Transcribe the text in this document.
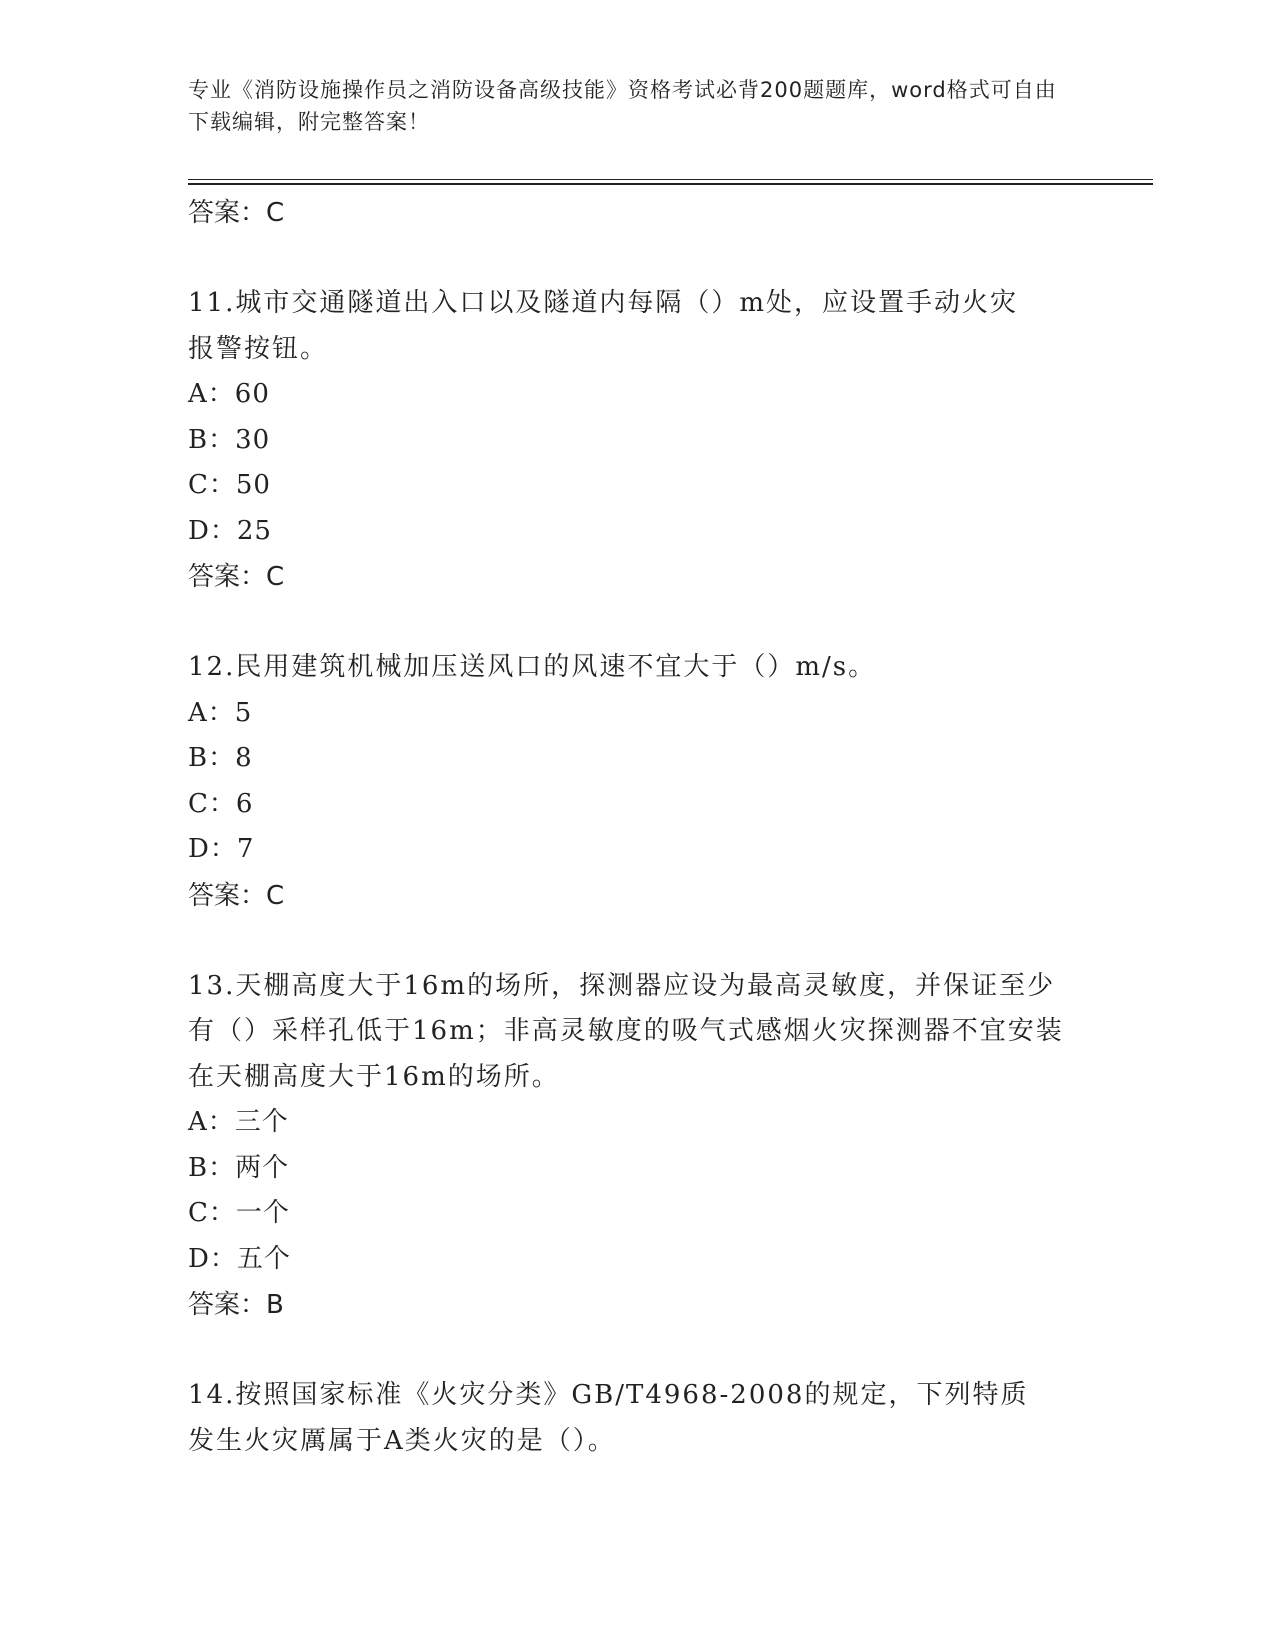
专业《消防设施操作员之消防设备高级技能》资格考试必背200题题库，word格式可自由下载编辑，附完整答案！
答案：C
11.城市交通隧道出入口以及隧道内每隔（）m处，应设置手动火灾报警按钮。
A：60
B：30
C：50
D：25
答案：C
12.民用建筑机械加压送风口的风速不宜大于（）m/s。
A：5
B：8
C：6
D：7
答案：C
13.天棚高度大于16m的场所，探测器应设为最高灵敏度，并保证至少有（）采样孔低于16m；非高灵敏度的吸气式感烟火灾探测器不宜安装在天棚高度大于16m的场所。
A：三个
B：两个
C：一个
D：五个
答案：B
14.按照国家标准《火灾分类》GB/T4968-2008的规定，下列特质发生火灾厲属于A类火灾的是（）。
